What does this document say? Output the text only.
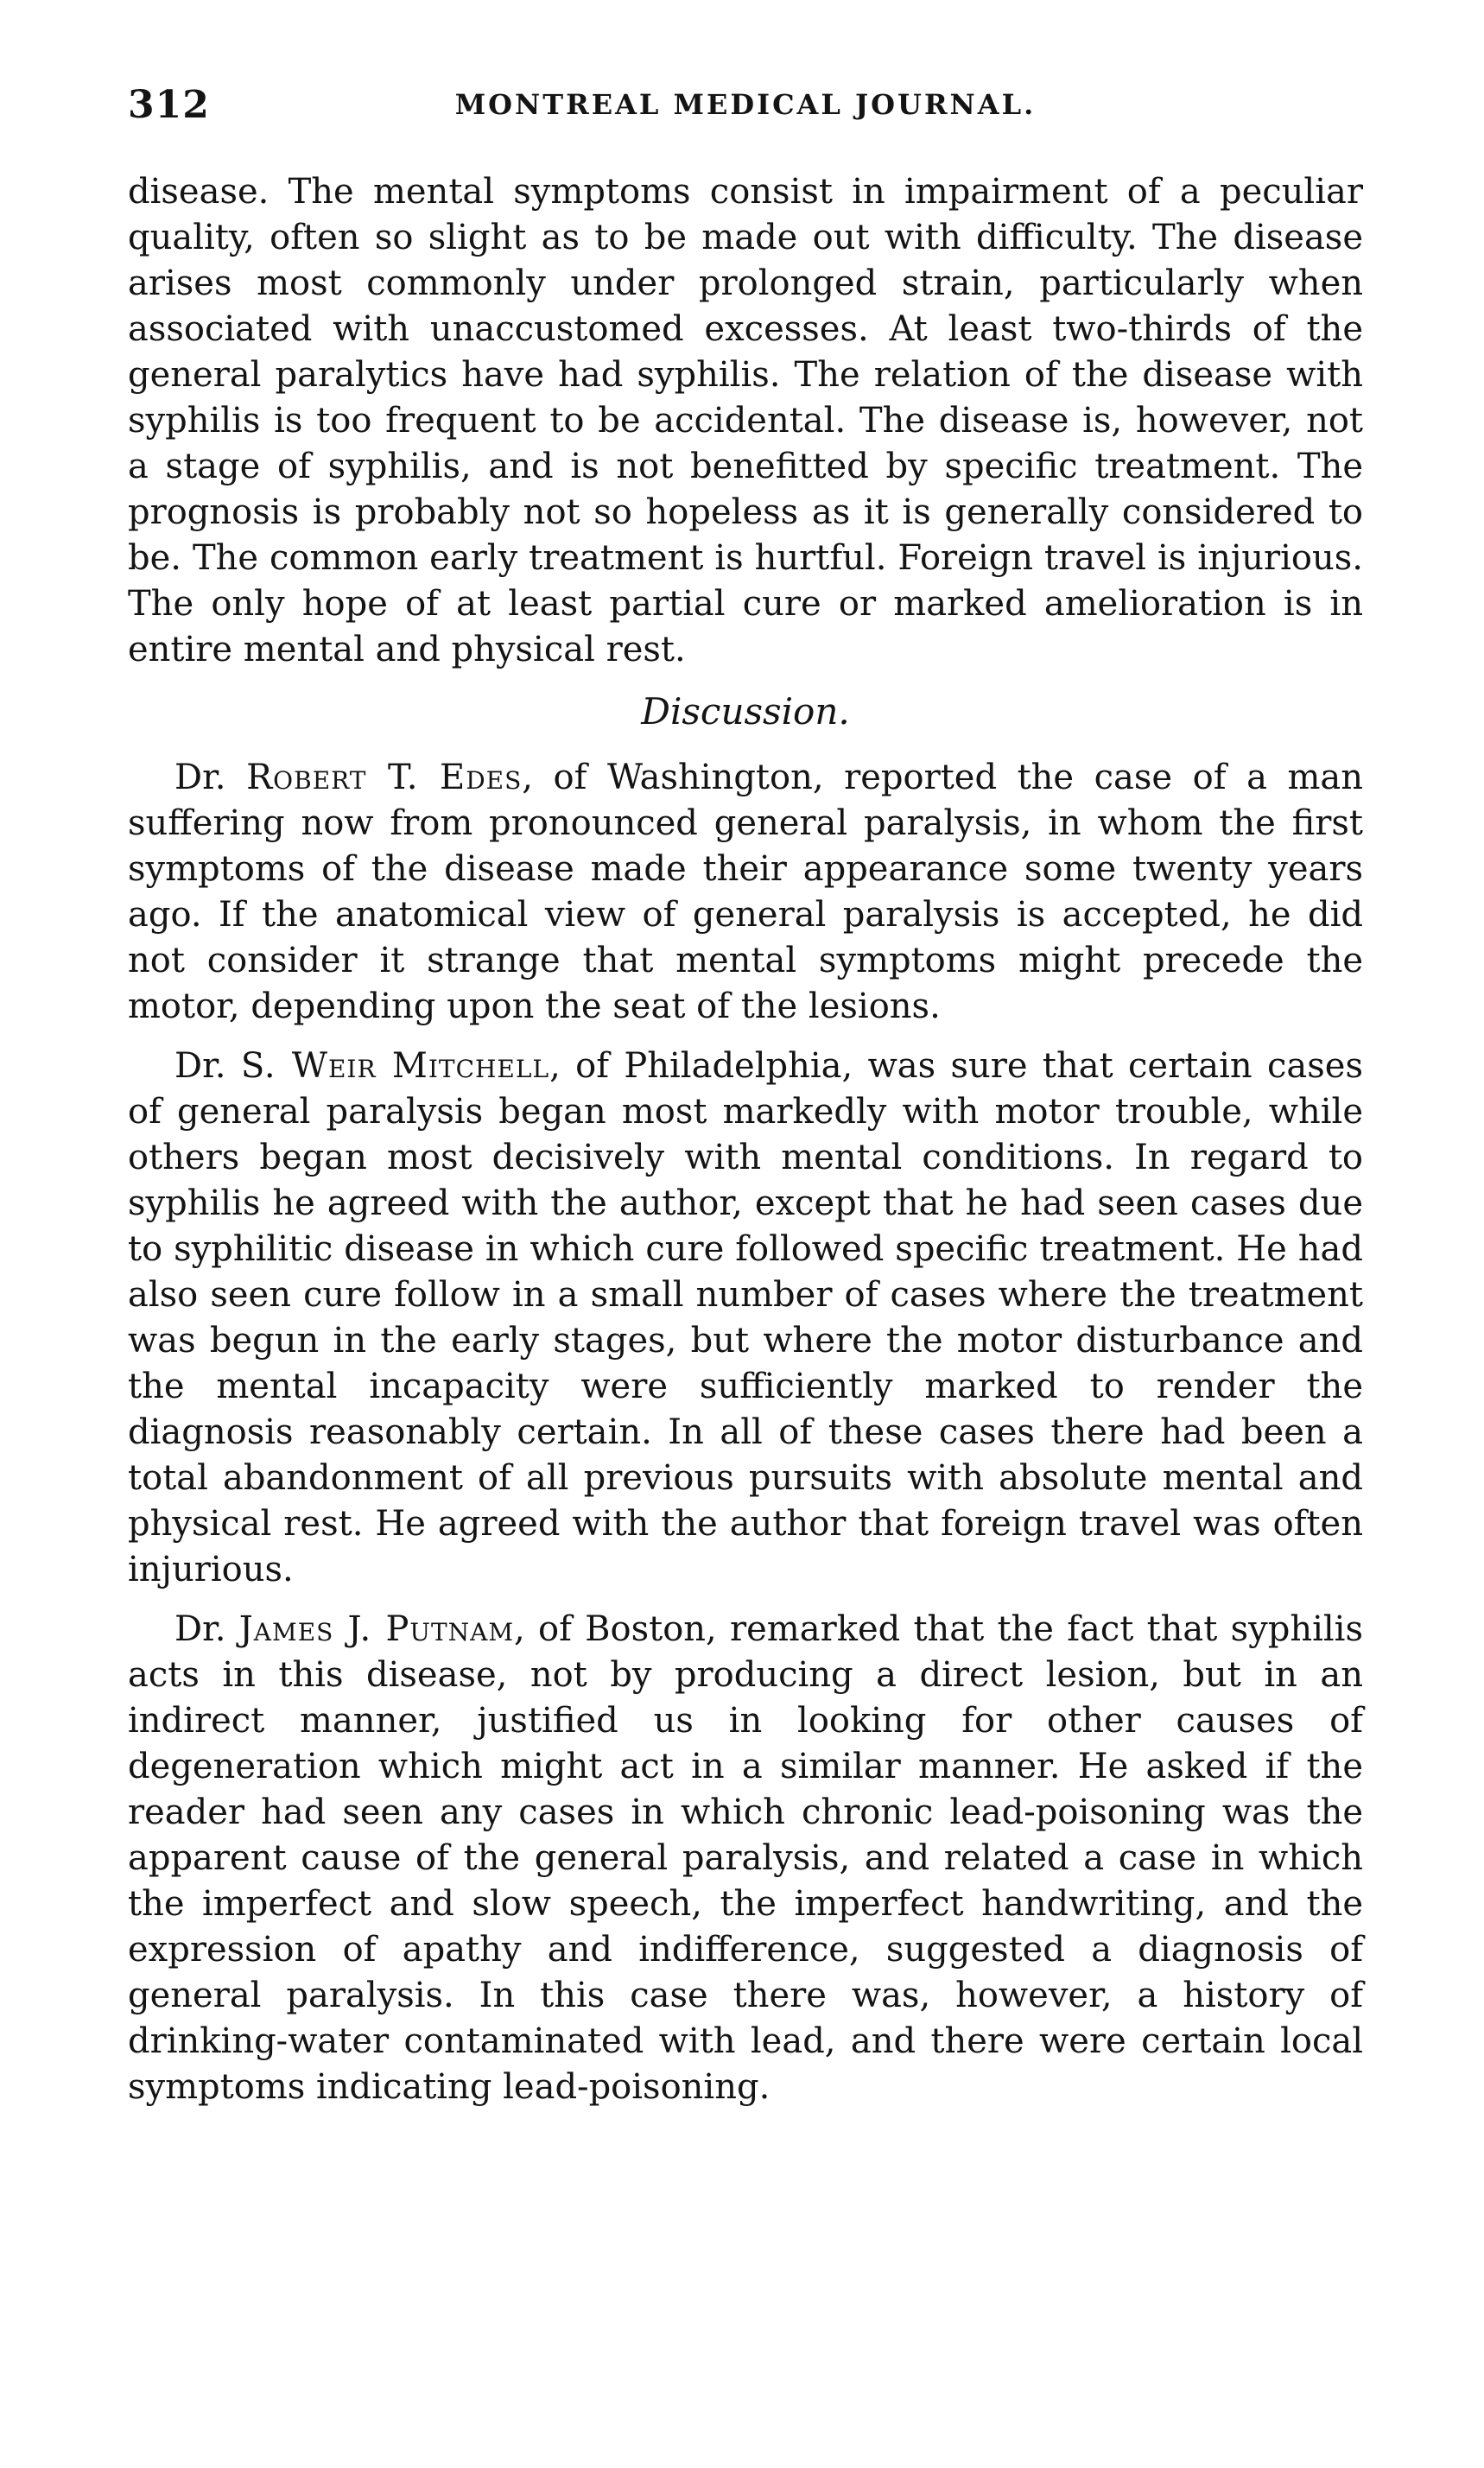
312	MONTREAL MEDICAL JOURNAL.

disease. The mental symptoms consist in impairment of a peculiar quality, often so slight as to be made out with difficulty. The disease arises most commonly under prolonged strain, particularly when associated with unaccustomed excesses. At least two-thirds of the general paralytics have had syphilis. The relation of the disease with syphilis is too frequent to be accidental. The disease is, however, not a stage of syphilis, and is not benefitted by specific treatment. The prognosis is probably not so hopeless as it is generally considered to be. The common early treatment is hurtful. Foreign travel is injurious. The only hope of at least partial cure or marked amelioration is in entire mental and physical rest.

Discussion.

Dr. Robert T. Edes, of Washington, reported the case of a man suffering now from pronounced general paralysis, in whom the first symptoms of the disease made their appearance some twenty years ago. If the anatomical view of general paralysis is accepted, he did not consider it strange that mental symptoms might precede the motor, depending upon the seat of the lesions.

Dr. S. Weir Mitchell, of Philadelphia, was sure that certain cases of general paralysis began most markedly with motor trouble, while others began most decisively with mental conditions. In regard to syphilis he agreed with the author, except that he had seen cases due to syphilitic disease in which cure followed specific treatment. He had also seen cure follow in a small number of cases where the treatment was begun in the early stages, but where the motor disturbance and the mental incapacity were sufficiently marked to render the diagnosis reasonably certain. In all of these cases there had been a total abandonment of all previous pursuits with absolute mental and physical rest. He agreed with the author that foreign travel was often injurious.

Dr. James J. Putnam, of Boston, remarked that the fact that syphilis acts in this disease, not by producing a direct lesion, but in an indirect manner, justified us in looking for other causes of degeneration which might act in a similar manner. He asked if the reader had seen any cases in which chronic lead-poisoning was the apparent cause of the general paralysis, and related a case in which the imperfect and slow speech, the imperfect handwriting, and the expression of apathy and indifference, suggested a diagnosis of general paralysis. In this case there was, however, a history of drinking-water contaminated with lead, and there were certain local symptoms indicating lead-poisoning.
